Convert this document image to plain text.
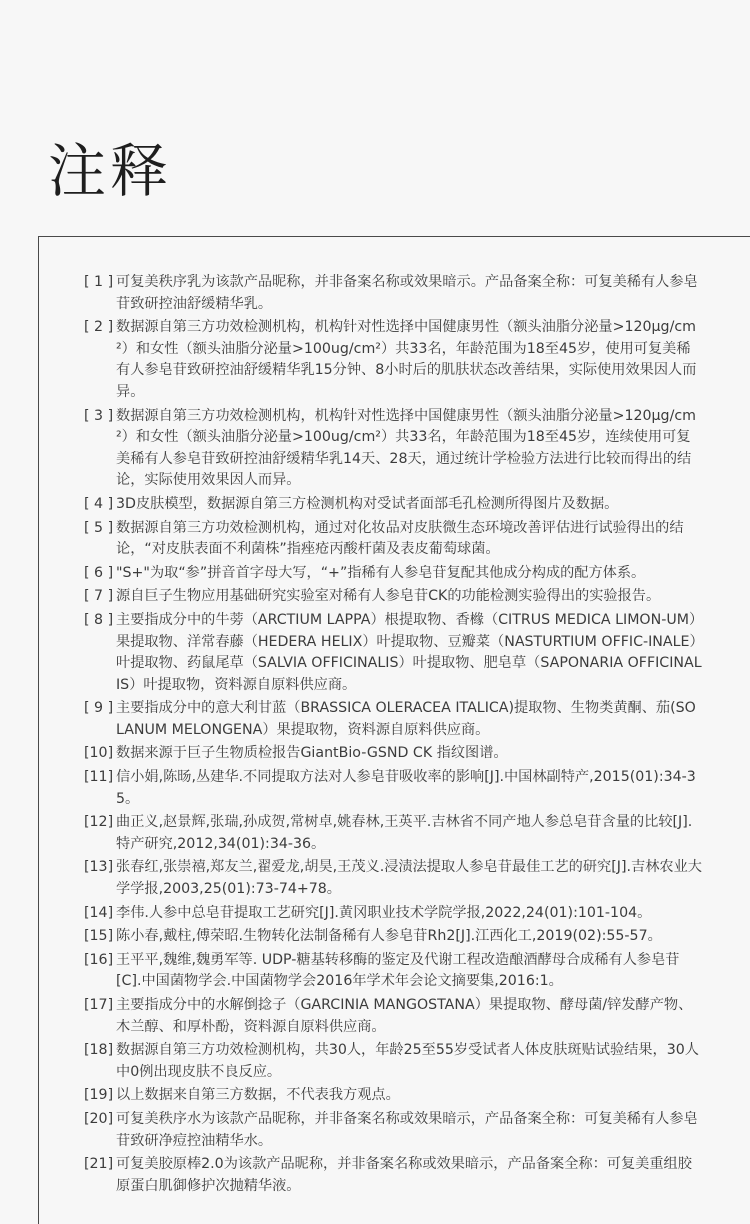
注释
[ 1 ] 可复美秩序乳为该款产品昵称，并非备案名称或效果暗示。产品备案全称：可复美稀有人参皂苷致研控油舒缓精华乳。
[ 2 ] 数据源自第三方功效检测机构，机构针对性选择中国健康男性（额头油脂分泌量>120μg/cm²）和女性（额头油脂分泌量>100ug/cm²）共33名，年龄范围为18至45岁，使用可复美稀有人参皂苷致研控油舒缓精华乳15分钟、8小时后的肌肤状态改善结果，实际使用效果因人而异。
[ 3 ] 数据源自第三方功效检测机构，机构针对性选择中国健康男性（额头油脂分泌量>120μg/cm²）和女性（额头油脂分泌量>100ug/cm²）共33名，年龄范围为18至45岁，连续使用可复美稀有人参皂苷致研控油舒缓精华乳14天、28天，通过统计学检验方法进行比较而得出的结论，实际使用效果因人而异。
[ 4 ] 3D皮肤模型，数据源自第三方检测机构对受试者面部毛孔检测所得图片及数据。
[ 5 ] 数据源自第三方功效检测机构，通过对化妆品对皮肤微生态环境改善评估进行试验得出的结论，“对皮肤表面不利菌株”指痤疮丙酸杆菌及表皮葡萄球菌。
[ 6 ] "S+"为取“参”拼音首字母大写，“+”指稀有人参皂苷复配其他成分构成的配方体系。
[ 7 ] 源自巨子生物应用基础研究实验室对稀有人参皂苷CK的功能检测实验得出的实验报告。
[ 8 ] 主要指成分中的牛蒡（ARCTIUM LAPPA）根提取物、香橼（CITRUS MEDICA LIMON-UM）果提取物、洋常春藤（HEDERA HELIX）叶提取物、豆瓣菜（NASTURTIUM OFFIC-INALE）叶提取物、药鼠尾草（SALVIA OFFICINALIS）叶提取物、肥皂草（SAPONARIA OFFICINALIS）叶提取物，资料源自原料供应商。
[ 9 ] 主要指成分中的意大利甘蓝（BRASSICA OLERACEA ITALICA)提取物、生物类黄酮、茄(SOLANUM MELONGENA）果提取物，资料源自原料供应商。
[10] 数据来源于巨子生物质检报告GiantBio-GSND CK 指纹图谱。
[11] 信小娟,陈旸,丛建华.不同提取方法对人参皂苷吸收率的影响[J].中国林副特产,2015(01):34-35。
[12] 曲正义,赵景辉,张瑞,孙成贺,常树卓,姚春林,王英平.吉林省不同产地人参总皂苷含量的比较[J].特产研究,2012,34(01):34-36。
[13] 张春红,张崇禧,郑友兰,翟爱龙,胡昊,王茂义.浸渍法提取人参皂苷最佳工艺的研究[J].吉林农业大学学报,2003,25(01):73-74+78。
[14] 李伟.人参中总皂苷提取工艺研究[J].黄冈职业技术学院学报,2022,24(01):101-104。
[15] 陈小春,戴柱,傅荣昭.生物转化法制备稀有人参皂苷Rh2[J].江西化工,2019(02):55-57。
[16] 王平平,魏维,魏勇军等. UDP-糖基转移酶的鉴定及代谢工程改造酿酒酵母合成稀有人参皂苷[C].中国菌物学会.中国菌物学会2016年学术年会论文摘要集,2016:1。
[17] 主要指成分中的水解倒捻子（GARCINIA MANGOSTANA）果提取物、酵母菌/锌发酵产物、木兰醇、和厚朴酚，资料源自原料供应商。
[18] 数据源自第三方功效检测机构，共30人，年龄25至55岁受试者人体皮肤斑贴试验结果，30人中0例出现皮肤不良反应。
[19] 以上数据来自第三方数据，不代表我方观点。
[20] 可复美秩序水为该款产品昵称，并非备案名称或效果暗示，产品备案全称：可复美稀有人参皂苷致研净痘控油精华水。
[21] 可复美胶原棒2.0为该款产品昵称，并非备案名称或效果暗示，产品备案全称：可复美重组胶原蛋白肌御修护次抛精华液。
